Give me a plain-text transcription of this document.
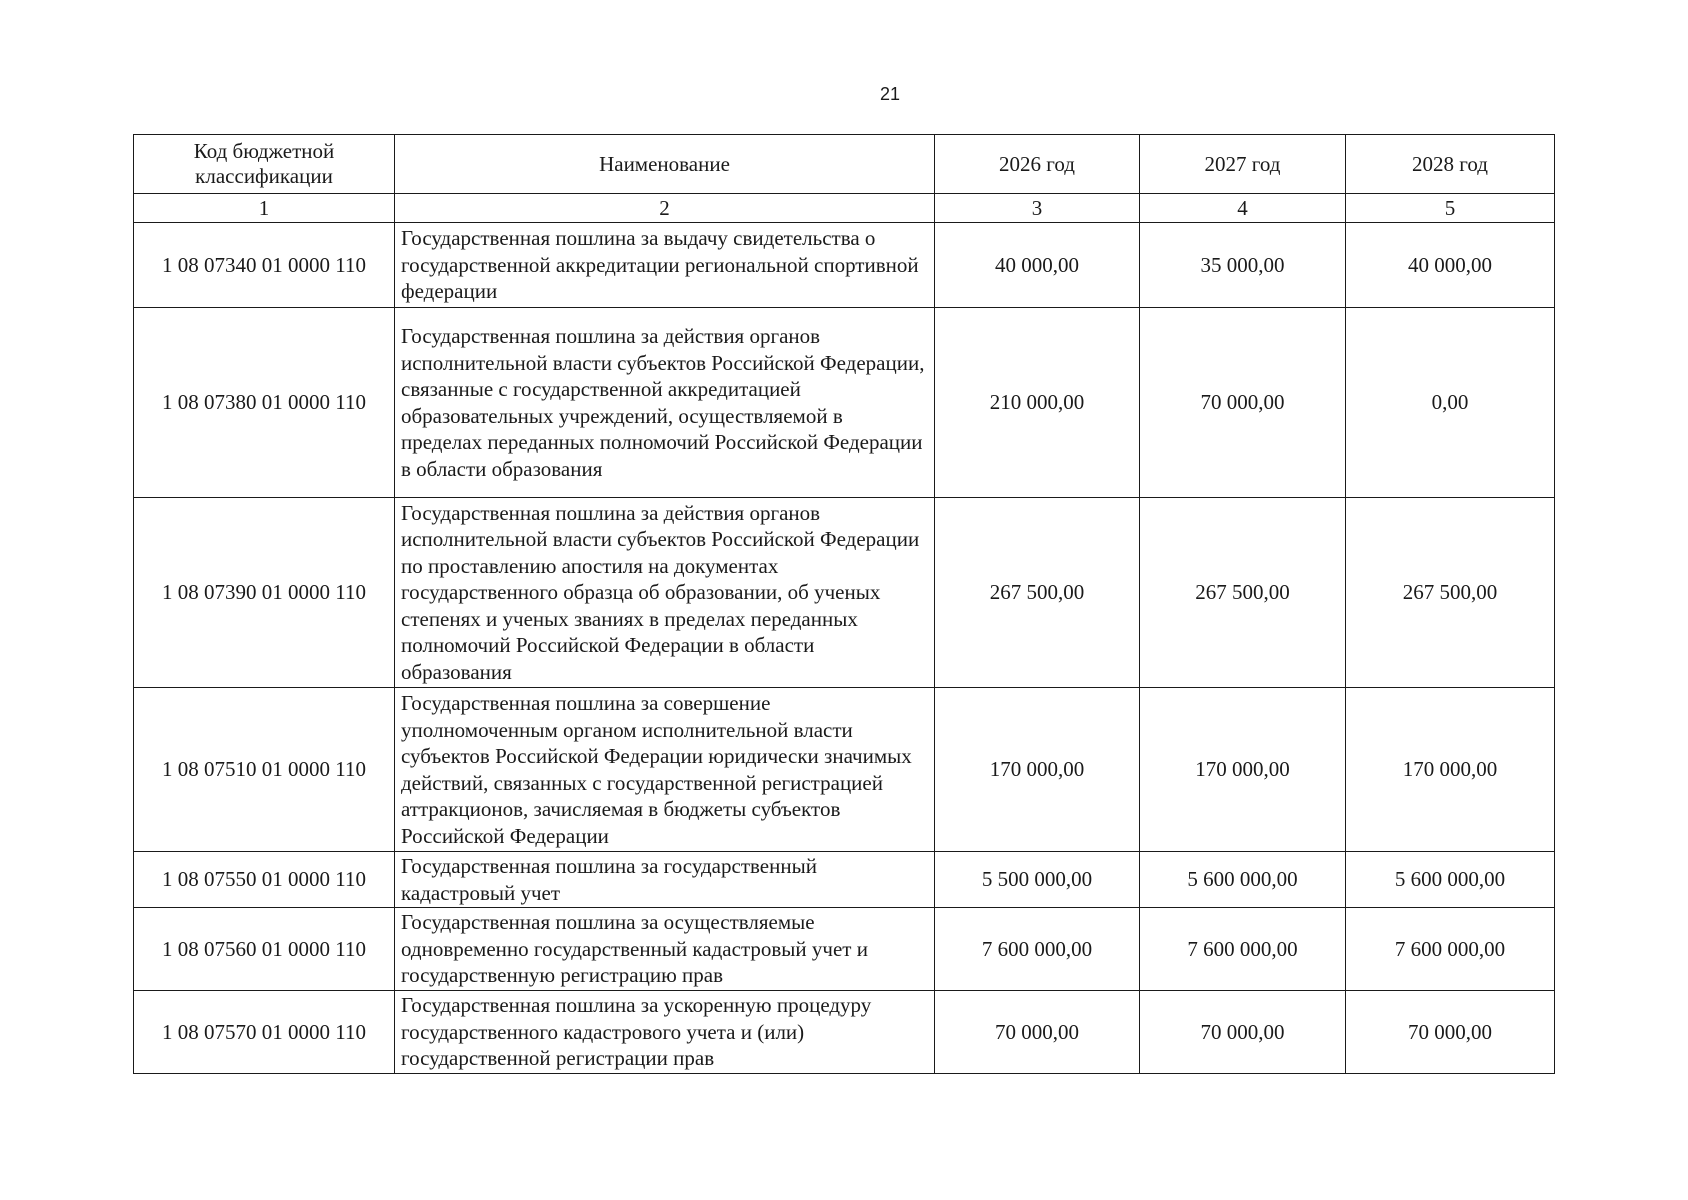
21
Код бюджетной классификации	Наименование	2026 год	2027 год	2028 год
1	2	3	4	5
1 08 07340 01 0000 110	Государственная пошлина за выдачу свидетельства о государственной аккредитации региональной спортивной федерации	40 000,00	35 000,00	40 000,00
1 08 07380 01 0000 110	Государственная пошлина за действия органов исполнительной власти субъектов Российской Федерации, связанные с государственной аккредитацией образовательных учреждений, осуществляемой в пределах переданных полномочий Российской Федерации в области образования	210 000,00	70 000,00	0,00
1 08 07390 01 0000 110	Государственная пошлина за действия органов исполнительной власти субъектов Российской Федерации по проставлению апостиля на документах государственного образца об образовании, об ученых степенях и ученых званиях в пределах переданных полномочий Российской Федерации в области образования	267 500,00	267 500,00	267 500,00
1 08 07510 01 0000 110	Государственная пошлина за совершение уполномоченным органом исполнительной власти субъектов Российской Федерации юридически значимых действий, связанных с государственной регистрацией аттракционов, зачисляемая в бюджеты субъектов Российской Федерации	170 000,00	170 000,00	170 000,00
1 08 07550 01 0000 110	Государственная пошлина за государственный кадастровый учет	5 500 000,00	5 600 000,00	5 600 000,00
1 08 07560 01 0000 110	Государственная пошлина за осуществляемые одновременно государственный кадастровый учет и государственную регистрацию прав	7 600 000,00	7 600 000,00	7 600 000,00
1 08 07570 01 0000 110	Государственная пошлина за ускоренную процедуру государственного кадастрового учета и (или) государственной регистрации прав	70 000,00	70 000,00	70 000,00
